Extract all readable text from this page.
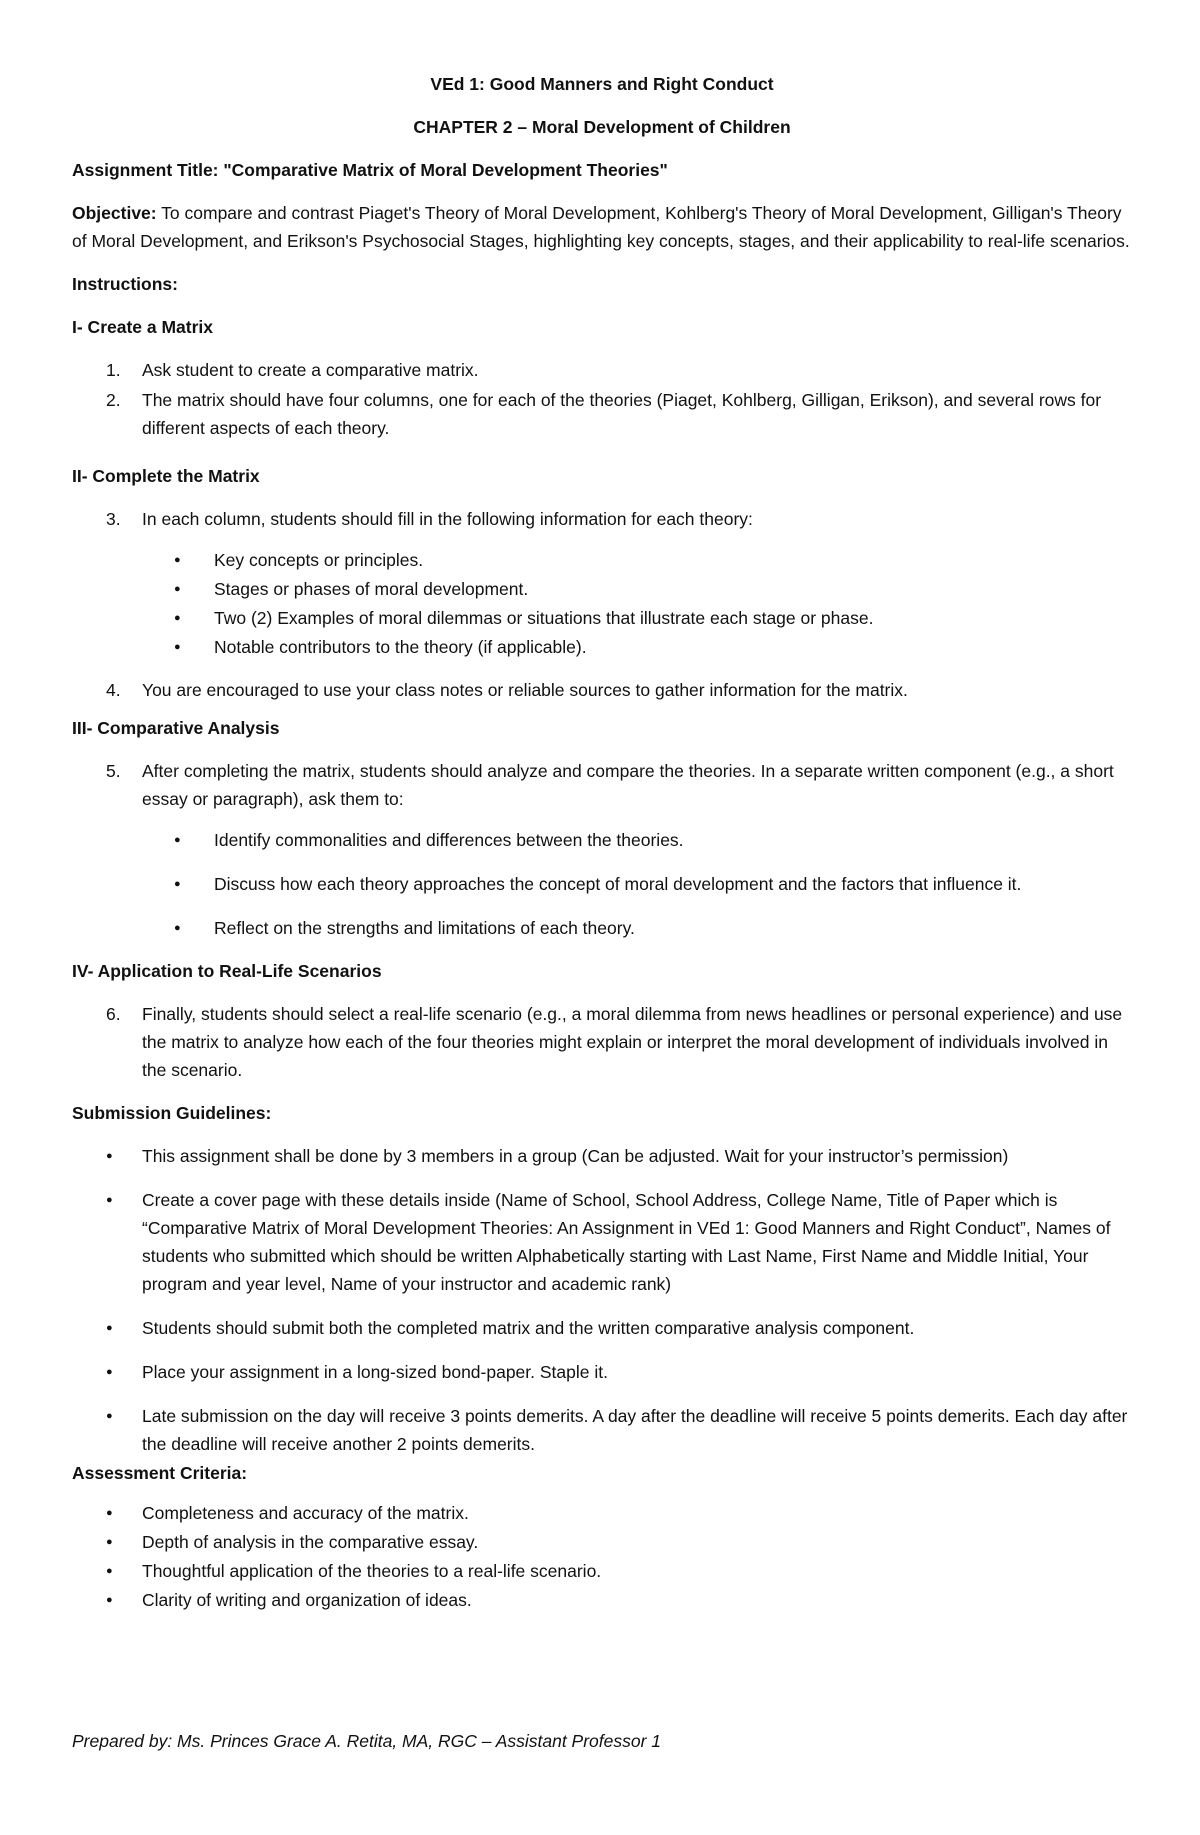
VEd 1: Good Manners and Right Conduct
CHAPTER 2 – Moral Development of Children
Assignment Title: "Comparative Matrix of Moral Development Theories"
Objective: To compare and contrast Piaget's Theory of Moral Development, Kohlberg's Theory of Moral Development, Gilligan's Theory of Moral Development, and Erikson's Psychosocial Stages, highlighting key concepts, stages, and their applicability to real-life scenarios.
Instructions:
I- Create a Matrix
1. Ask student to create a comparative matrix.
2. The matrix should have four columns, one for each of the theories (Piaget, Kohlberg, Gilligan, Erikson), and several rows for different aspects of each theory.
II- Complete the Matrix
3. In each column, students should fill in the following information for each theory:
● Key concepts or principles.
● Stages or phases of moral development.
● Two (2) Examples of moral dilemmas or situations that illustrate each stage or phase.
● Notable contributors to the theory (if applicable).
4. You are encouraged to use your class notes or reliable sources to gather information for the matrix.
III- Comparative Analysis
5. After completing the matrix, students should analyze and compare the theories. In a separate written component (e.g., a short essay or paragraph), ask them to:
● Identify commonalities and differences between the theories.
● Discuss how each theory approaches the concept of moral development and the factors that influence it.
● Reflect on the strengths and limitations of each theory.
IV- Application to Real-Life Scenarios
6. Finally, students should select a real-life scenario (e.g., a moral dilemma from news headlines or personal experience) and use the matrix to analyze how each of the four theories might explain or interpret the moral development of individuals involved in the scenario.
Submission Guidelines:
● This assignment shall be done by 3 members in a group (Can be adjusted. Wait for your instructor’s permission)
● Create a cover page with these details inside (Name of School, School Address, College Name, Title of Paper which is “Comparative Matrix of Moral Development Theories: An Assignment in VEd 1: Good Manners and Right Conduct”, Names of students who submitted which should be written Alphabetically starting with Last Name, First Name and Middle Initial, Your program and year level, Name of your instructor and academic rank)
● Students should submit both the completed matrix and the written comparative analysis component.
● Place your assignment in a long-sized bond-paper. Staple it.
● Late submission on the day will receive 3 points demerits. A day after the deadline will receive 5 points demerits. Each day after the deadline will receive another 2 points demerits.
Assessment Criteria:
● Completeness and accuracy of the matrix.
● Depth of analysis in the comparative essay.
● Thoughtful application of the theories to a real-life scenario.
● Clarity of writing and organization of ideas.
Prepared by: Ms. Princes Grace A. Retita, MA, RGC – Assistant Professor 1
